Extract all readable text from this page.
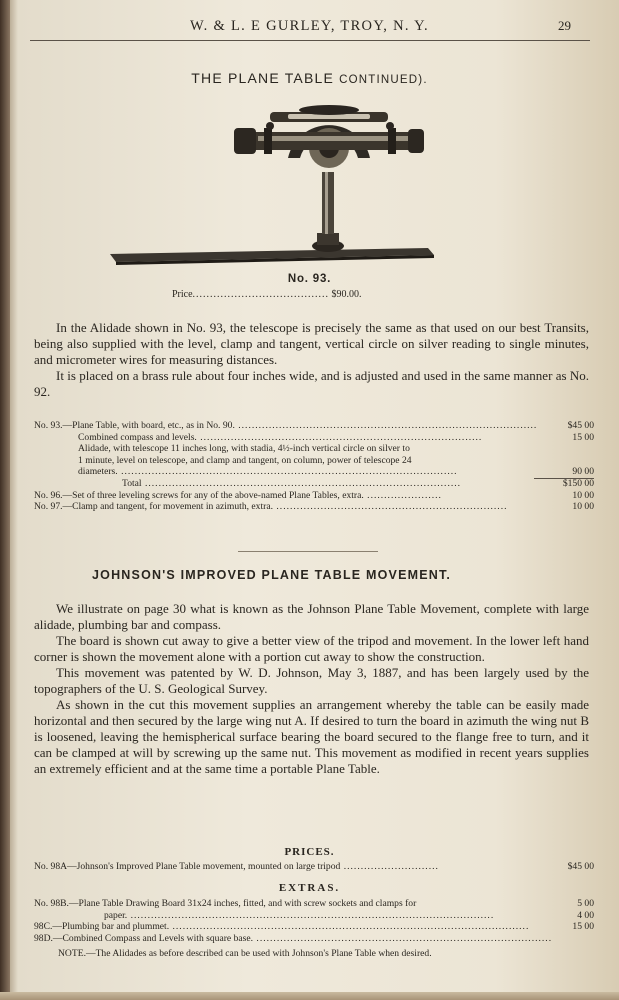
W. & L. E GURLEY, TROY, N. Y.	29
THE PLANE TABLE CONTINUED).
No. 93.
Price....................................... $90.00.

In the Alidade shown in No. 93, the telescope is precisely the same as that used on our best Transits, being also supplied with the level, clamp and tangent, vertical circle on silver reading to single minutes, and micrometer wires for measuring distances.

It is placed on a brass rule about four inches wide, and is adjusted and used in the same manner as No. 92.

No. 93.—Plane Table, with board, etc., as in No. 90. ........................................................................................	$45 00
Combined compass and levels. ...................................................................................	15 00
Alidade, with telescope 11 inches long, with stadia, 4½-inch vertical circle on silver to
1 minute, level on telescope, and clamp and tangent, on column, power of telescope 24
diameters. ...................................................................................................	90 00
Total .............................................................................................	$150 00
No. 96.—Set of three leveling screws for any of the above-named Plane Tables, extra. ......................	10 00
No. 97.—Clamp and tangent, for movement in azimuth, extra. ....................................................................	10 00
JOHNSON'S IMPROVED PLANE TABLE MOVEMENT.

We illustrate on page 30 what is known as the Johnson Plane Table Movement, complete with large alidade, plumbing bar and compass.

The board is shown cut away to give a better view of the tripod and movement. In the lower left hand corner is shown the movement alone with a portion cut away to show the construction.

This movement was patented by W. D. Johnson, May 3, 1887, and has been largely used by the topographers of the U. S. Geological Survey.

As shown in the cut this movement supplies an arrangement whereby the table can be easily made horizontal and then secured by the large wing nut A. If desired to turn the board in azimuth the wing nut B is loosened, leaving the hemispherical surface bearing the board secured to the flange free to turn, and it can be clamped at will by screwing up the same nut. This movement as modified in recent years supplies an extremely efficient and at the same time a portable Plane Table.

PRICES.
No. 98A—Johnson's Improved Plane Table movement, mounted on large tripod ............................	$45 00
EXTRAS.
No. 98B.—Plane Table Drawing Board 31x24 inches, fitted, and with screw sockets and clamps for	5 00
paper. ...........................................................................................................	4 00
98C.—Plumbing bar and plummet. .........................................................................................................	15 00
98D.—Combined Compass and Levels with square base. .......................................................................................
NOTE.—The Alidades as before described can be used with Johnson's Plane Table when desired.
